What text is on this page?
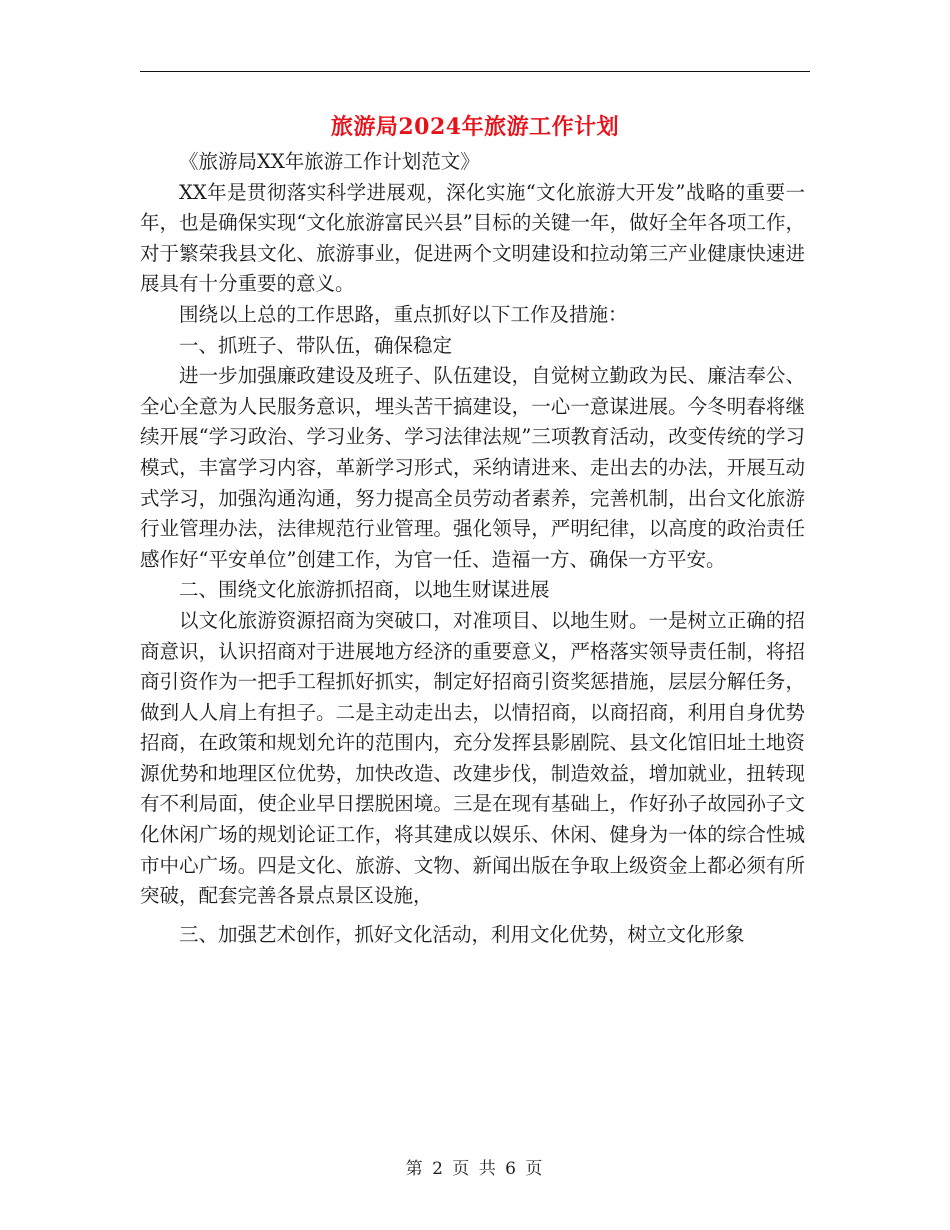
旅游局2024年旅游工作计划

《旅游局XX年旅游工作计划范文》

XX年是贯彻落实科学进展观，深化实施“文化旅游大开发”战略的重要一年，也是确保实现“文化旅游富民兴县”目标的关键一年，做好全年各项工作，对于繁荣我县文化、旅游事业，促进两个文明建设和拉动第三产业健康快速进展具有十分重要的意义。

围绕以上总的工作思路，重点抓好以下工作及措施：

一、抓班子、带队伍，确保稳定

进一步加强廉政建设及班子、队伍建设，自觉树立勤政为民、廉洁奉公、全心全意为人民服务意识，埋头苦干搞建设，一心一意谋进展。今冬明春将继续开展“学习政治、学习业务、学习法律法规”三项教育活动，改变传统的学习模式，丰富学习内容，革新学习形式，采纳请进来、走出去的办法，开展互动式学习，加强沟通沟通，努力提高全员劳动者素养，完善机制，出台文化旅游行业管理办法，法律规范行业管理。强化领导，严明纪律，以高度的政治责任感作好“平安单位”创建工作，为官一任、造福一方、确保一方平安。

二、围绕文化旅游抓招商，以地生财谋进展

以文化旅游资源招商为突破口，对准项目、以地生财。一是树立正确的招商意识，认识招商对于进展地方经济的重要意义，严格落实领导责任制，将招商引资作为一把手工程抓好抓实，制定好招商引资奖惩措施，层层分解任务，做到人人肩上有担子。二是主动走出去，以情招商，以商招商，利用自身优势招商，在政策和规划允许的范围内，充分发挥县影剧院、县文化馆旧址土地资源优势和地理区位优势，加快改造、改建步伐，制造效益，增加就业，扭转现有不利局面，使企业早日摆脱困境。三是在现有基础上，作好孙子故园孙子文化休闲广场的规划论证工作，将其建成以娱乐、休闲、健身为一体的综合性城市中心广场。四是文化、旅游、文物、新闻出版在争取上级资金上都必须有所突破，配套完善各景点景区设施，

三、加强艺术创作，抓好文化活动，利用文化优势，树立文化形象

第 2 页 共 6 页
